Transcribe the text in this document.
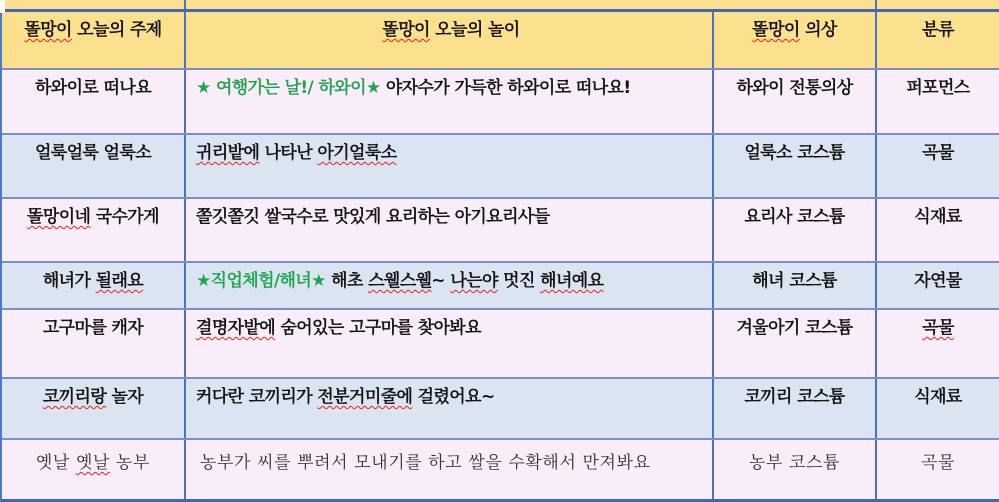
똘망이 오늘의 주제	똘망이 오늘의 놀이	똘망이 의상	분류
하와이로 떠나요	★ 여행가는 날!/ 하와이★ 야자수가 가득한 하와이로 떠나요!	하와이 전통의상	퍼포먼스
얼룩얼룩 얼룩소	귀리밭에 나타난 아기얼룩소	얼룩소 코스튬	곡물
똘망이네 국수가게	쫄깃쫄깃 쌀국수로 맛있게 요리하는 아기요리사들	요리사 코스튬	식재료
해녀가 될래요	★직업체험/해녀★ 해초 스웰스웰~ 나는야 멋진 해녀예요	해녀 코스튬	자연물
고구마를 캐자	결명자밭에 숨어있는 고구마를 찾아봐요	겨울아기 코스튬	곡물
코끼리랑 놀자	커다란 코끼리가 전분거미줄에 걸렸어요~	코끼리 코스튬	식재료
옛날 옛날 농부	농부가 씨를 뿌려서 모내기를 하고 쌀을 수확해서 만져봐요	농부 코스튬	곡물
